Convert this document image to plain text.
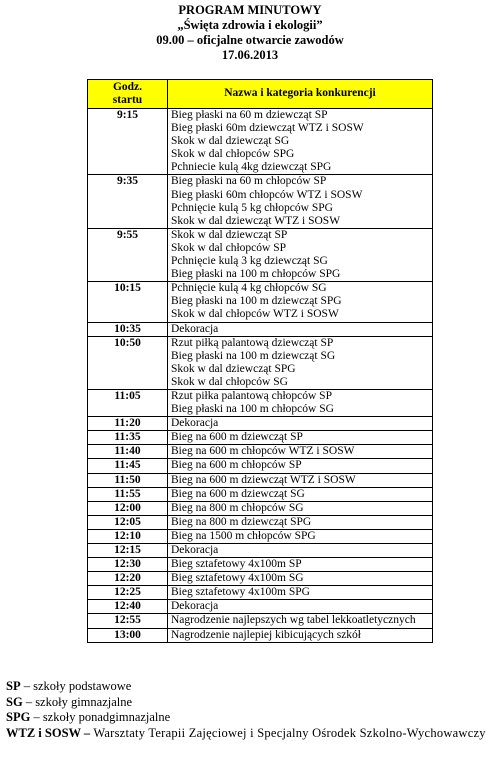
PROGRAM MINUTOWY
„Święta zdrowia i ekologii”
09.00 – oficjalne otwarcie zawodów
17.06.2013
Godz.
startu	Nazwa i kategoria konkurencji
9:15	Bieg płaski na 60 m dziewcząt SP
Bieg płaski 60m dziewcząt WTZ i SOSW
Skok w dal dziewcząt SG
Skok w dal chłopców SPG
Pchniecie kulą 4kg dziewcząt SPG

9:35	Bieg płaski na 60 m chłopców SP
Bieg płaski 60m chłopców WTZ i SOSW
Pchnięcie kulą 5 kg chłopców SPG
Skok w dal dziewcząt WTZ i SOSW

9:55	Skok w dal dziewcząt SP
Skok w dal chłopców SP
Pchnięcie kulą 3 kg dziewcząt SG
Bieg płaski na 100 m chłopców SPG

10:15	Pchnięcie kulą 4 kg chłopców SG
Bieg płaski na 100 m dziewcząt SPG
Skok w dal chłopców WTZ i SOSW

10:35	Dekoracja

10:50	Rzut piłką palantową dziewcząt SP
Bieg płaski na 100 m dziewcząt SG
Skok w dal dziewcząt SPG
Skok w dal chłopców SG

11:05	Rzut piłka palantową chłopców SP
Bieg płaski na 100 m chłopców SG

11:20	Dekoracja

11:35	Bieg na 600 m dziewcząt SP

11:40	Bieg na 600 m chłopców WTZ i SOSW

11:45	Bieg na 600 m chłopców SP

11:50	Bieg na 600 m dziewcząt WTZ i SOSW

11:55	Bieg na 600 m dziewcząt SG

12:00	Bieg na 800 m chłopców SG

12:05	Bieg na 800 m dziewcząt SPG

12:10	Bieg na 1500 m chłopców SPG

12:15	Dekoracja

12:30	Bieg sztafetowy 4x100m SP

12:20	Bieg sztafetowy 4x100m SG

12:25	Bieg sztafetowy 4x100m SPG

12:40	Dekoracja

12:55	Nagrodzenie najlepszych wg tabel lekkoatletycznych

13:00	Nagrodzenie najlepiej kibicujących szkół
SP – szkoły podstawowe
SG – szkoły gimnazjalne
SPG – szkoły ponadgimnazjalne
WTZ i SOSW – Warsztaty Terapii Zajęciowej i Specjalny Ośrodek Szkolno-Wychowawczy
